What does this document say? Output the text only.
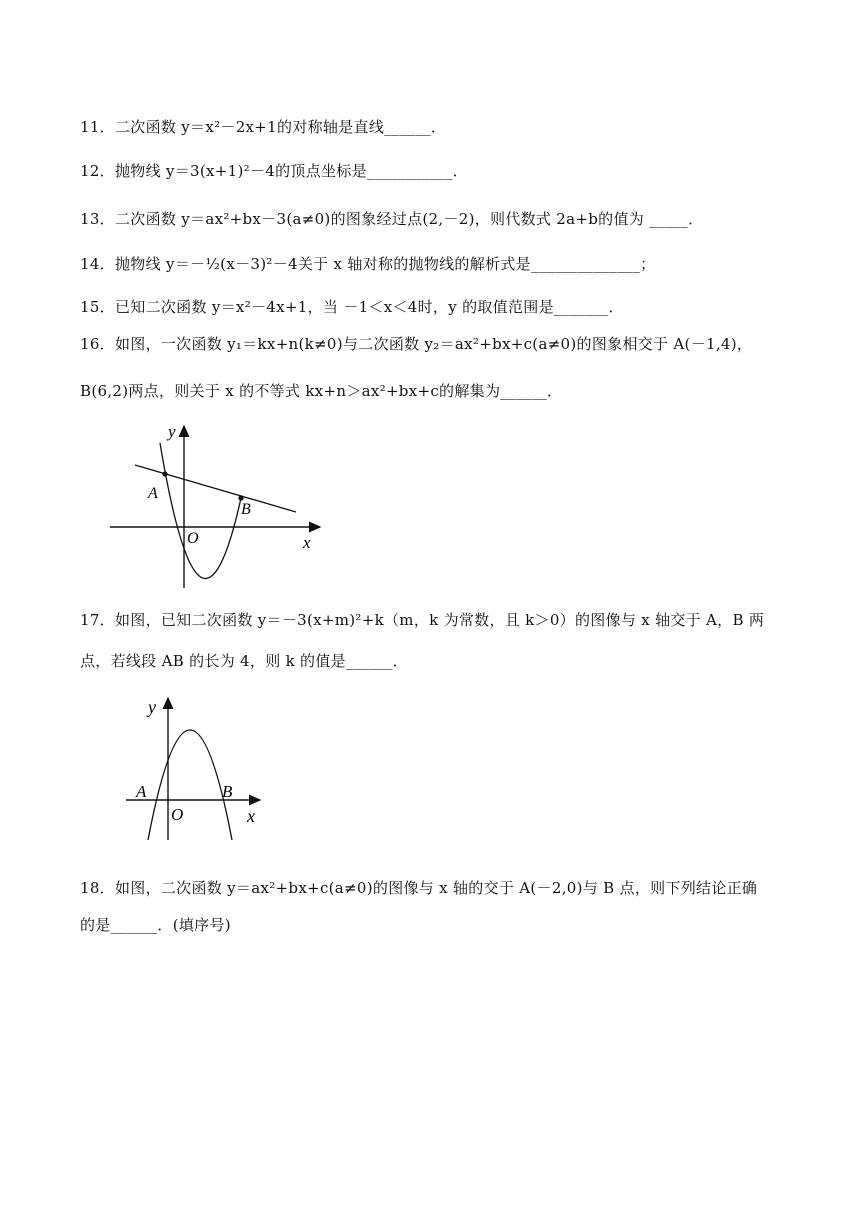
11．二次函数 y＝x²－2x+1的对称轴是直线______．
12．抛物线 y＝3(x+1)²－4的顶点坐标是___________．
13．二次函数 y＝ax²+bx－3(a≠0)的图象经过点(2,－2)，则代数式 2a+b的值为 _____．
14．抛物线 y＝－½(x－3)²－4关于 x 轴对称的抛物线的解析式是______________；
15．已知二次函数 y＝x²－4x+1，当 －1＜x＜4时，y 的取值范围是_______．
16．如图，一次函数 y₁＝kx+n(k≠0)与二次函数 y₂＝ax²+bx+c(a≠0)的图象相交于 A(－1,4)，
B(6,2)两点，则关于 x 的不等式 kx+n＞ax²+bx+c的解集为______．
y
x
O
A
B
17．如图，已知二次函数 y＝－3(x+m)²+k（m，k 为常数，且 k＞0）的图像与 x 轴交于 A，B 两
点，若线段 AB 的长为 4，则 k 的值是______．
y
x
O
A	B
18．如图，二次函数 y＝ax²+bx+c(a≠0)的图像与 x 轴的交于 A(－2,0)与 B 点，则下列结论正确
的是______．(填序号)
